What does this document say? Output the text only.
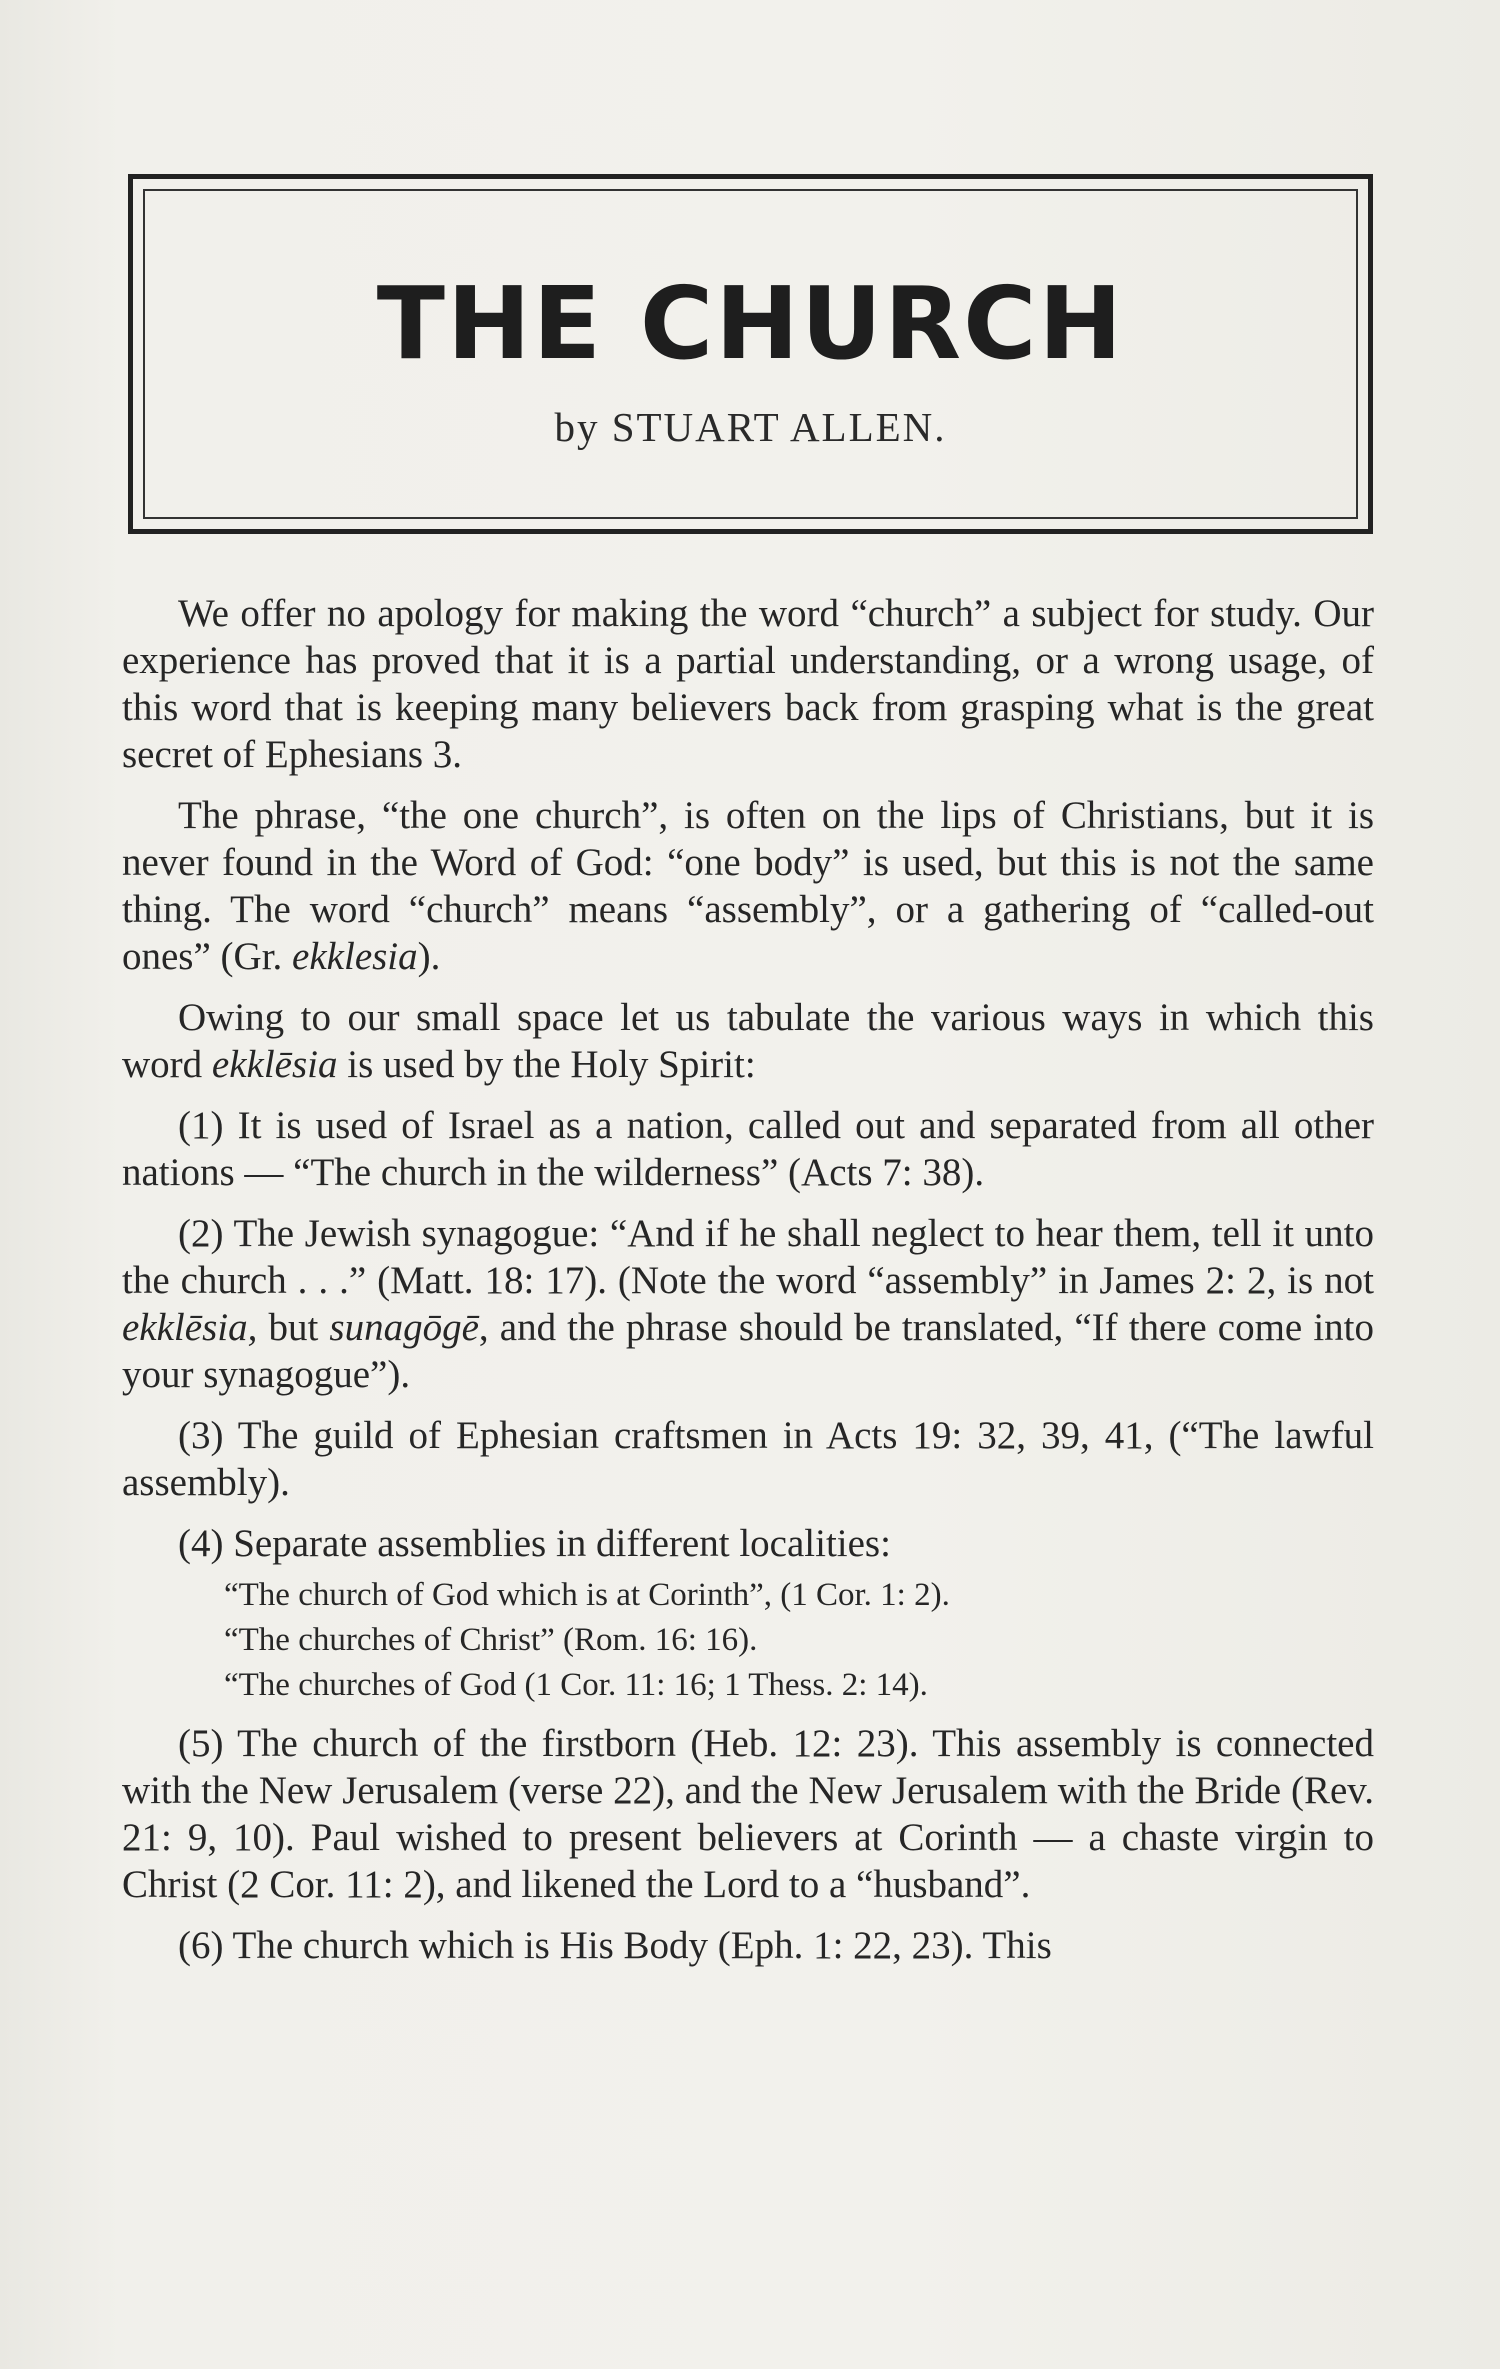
THE CHURCH
by STUART ALLEN.

We offer no apology for making the word “church” a subject for study. Our experience has proved that it is a partial understanding, or a wrong usage, of this word that is keeping many believers back from grasping what is the great secret of Ephesians 3.

The phrase, “the one church”, is often on the lips of Christians, but it is never found in the Word of God: “one body” is used, but this is not the same thing. The word “church” means “assembly”, or a gathering of “called-out ones” (Gr. ekklesia).

Owing to our small space let us tabulate the various ways in which this word ekklēsia is used by the Holy Spirit:

(1) It is used of Israel as a nation, called out and separated from all other nations — “The church in the wilderness” (Acts 7: 38).

(2) The Jewish synagogue: “And if he shall neglect to hear them, tell it unto the church . . .” (Matt. 18: 17). (Note the word “assembly” in James 2: 2, is not ekklēsia, but sunagōgē, and the phrase should be translated, “If there come into your synagogue”).

(3) The guild of Ephesian craftsmen in Acts 19: 32, 39, 41, (“The lawful assembly).

(4) Separate assemblies in different localities:

“The church of God which is at Corinth”, (1 Cor. 1: 2).

“The churches of Christ” (Rom. 16: 16).

“The churches of God (1 Cor. 11: 16; 1 Thess. 2: 14).

(5) The church of the firstborn (Heb. 12: 23). This assembly is connected with the New Jerusalem (verse 22), and the New Jerusalem with the Bride (Rev. 21: 9, 10). Paul wished to present believers at Corinth — a chaste virgin to Christ (2 Cor. 11: 2), and likened the Lord to a “husband”.

(6) The church which is His Body (Eph. 1: 22, 23). This
